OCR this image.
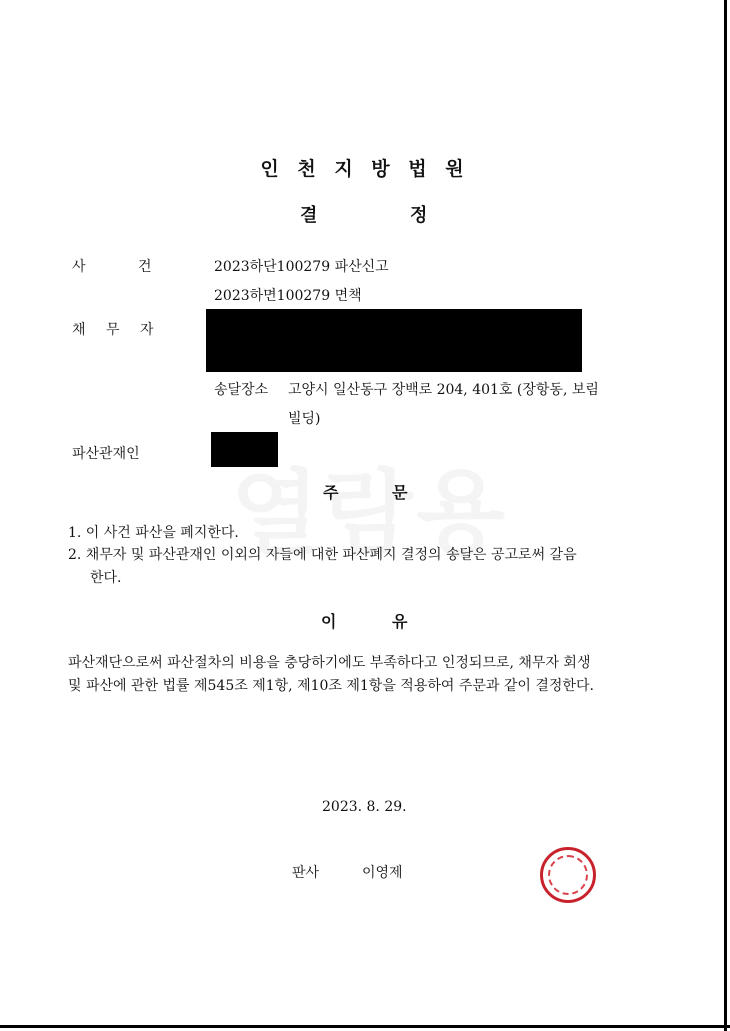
인 천 지 방 법 원
결	정
사	건	2023하단100279 파산신고
2023하면100279 면책
채 무 자
송달장소 고양시 일산동구 장백로 204, 401호 (장항동, 보림
빌딩)
파산관재인
주	문
1. 이 사건 파산을 폐지한다.
2. 채무자 및 파산관재인 이외의 자들에 대한 파산폐지 결정의 송달은 공고로써 갈음
한다.
이	유
파산재단으로써 파산절차의 비용을 충당하기에도 부족하다고 인정되므로, 채무자 회생
및 파산에 관한 법률 제545조 제1항, 제10조 제1항을 적용하여 주문과 같이 결정한다.
2023. 8. 29.
판사	이영제
